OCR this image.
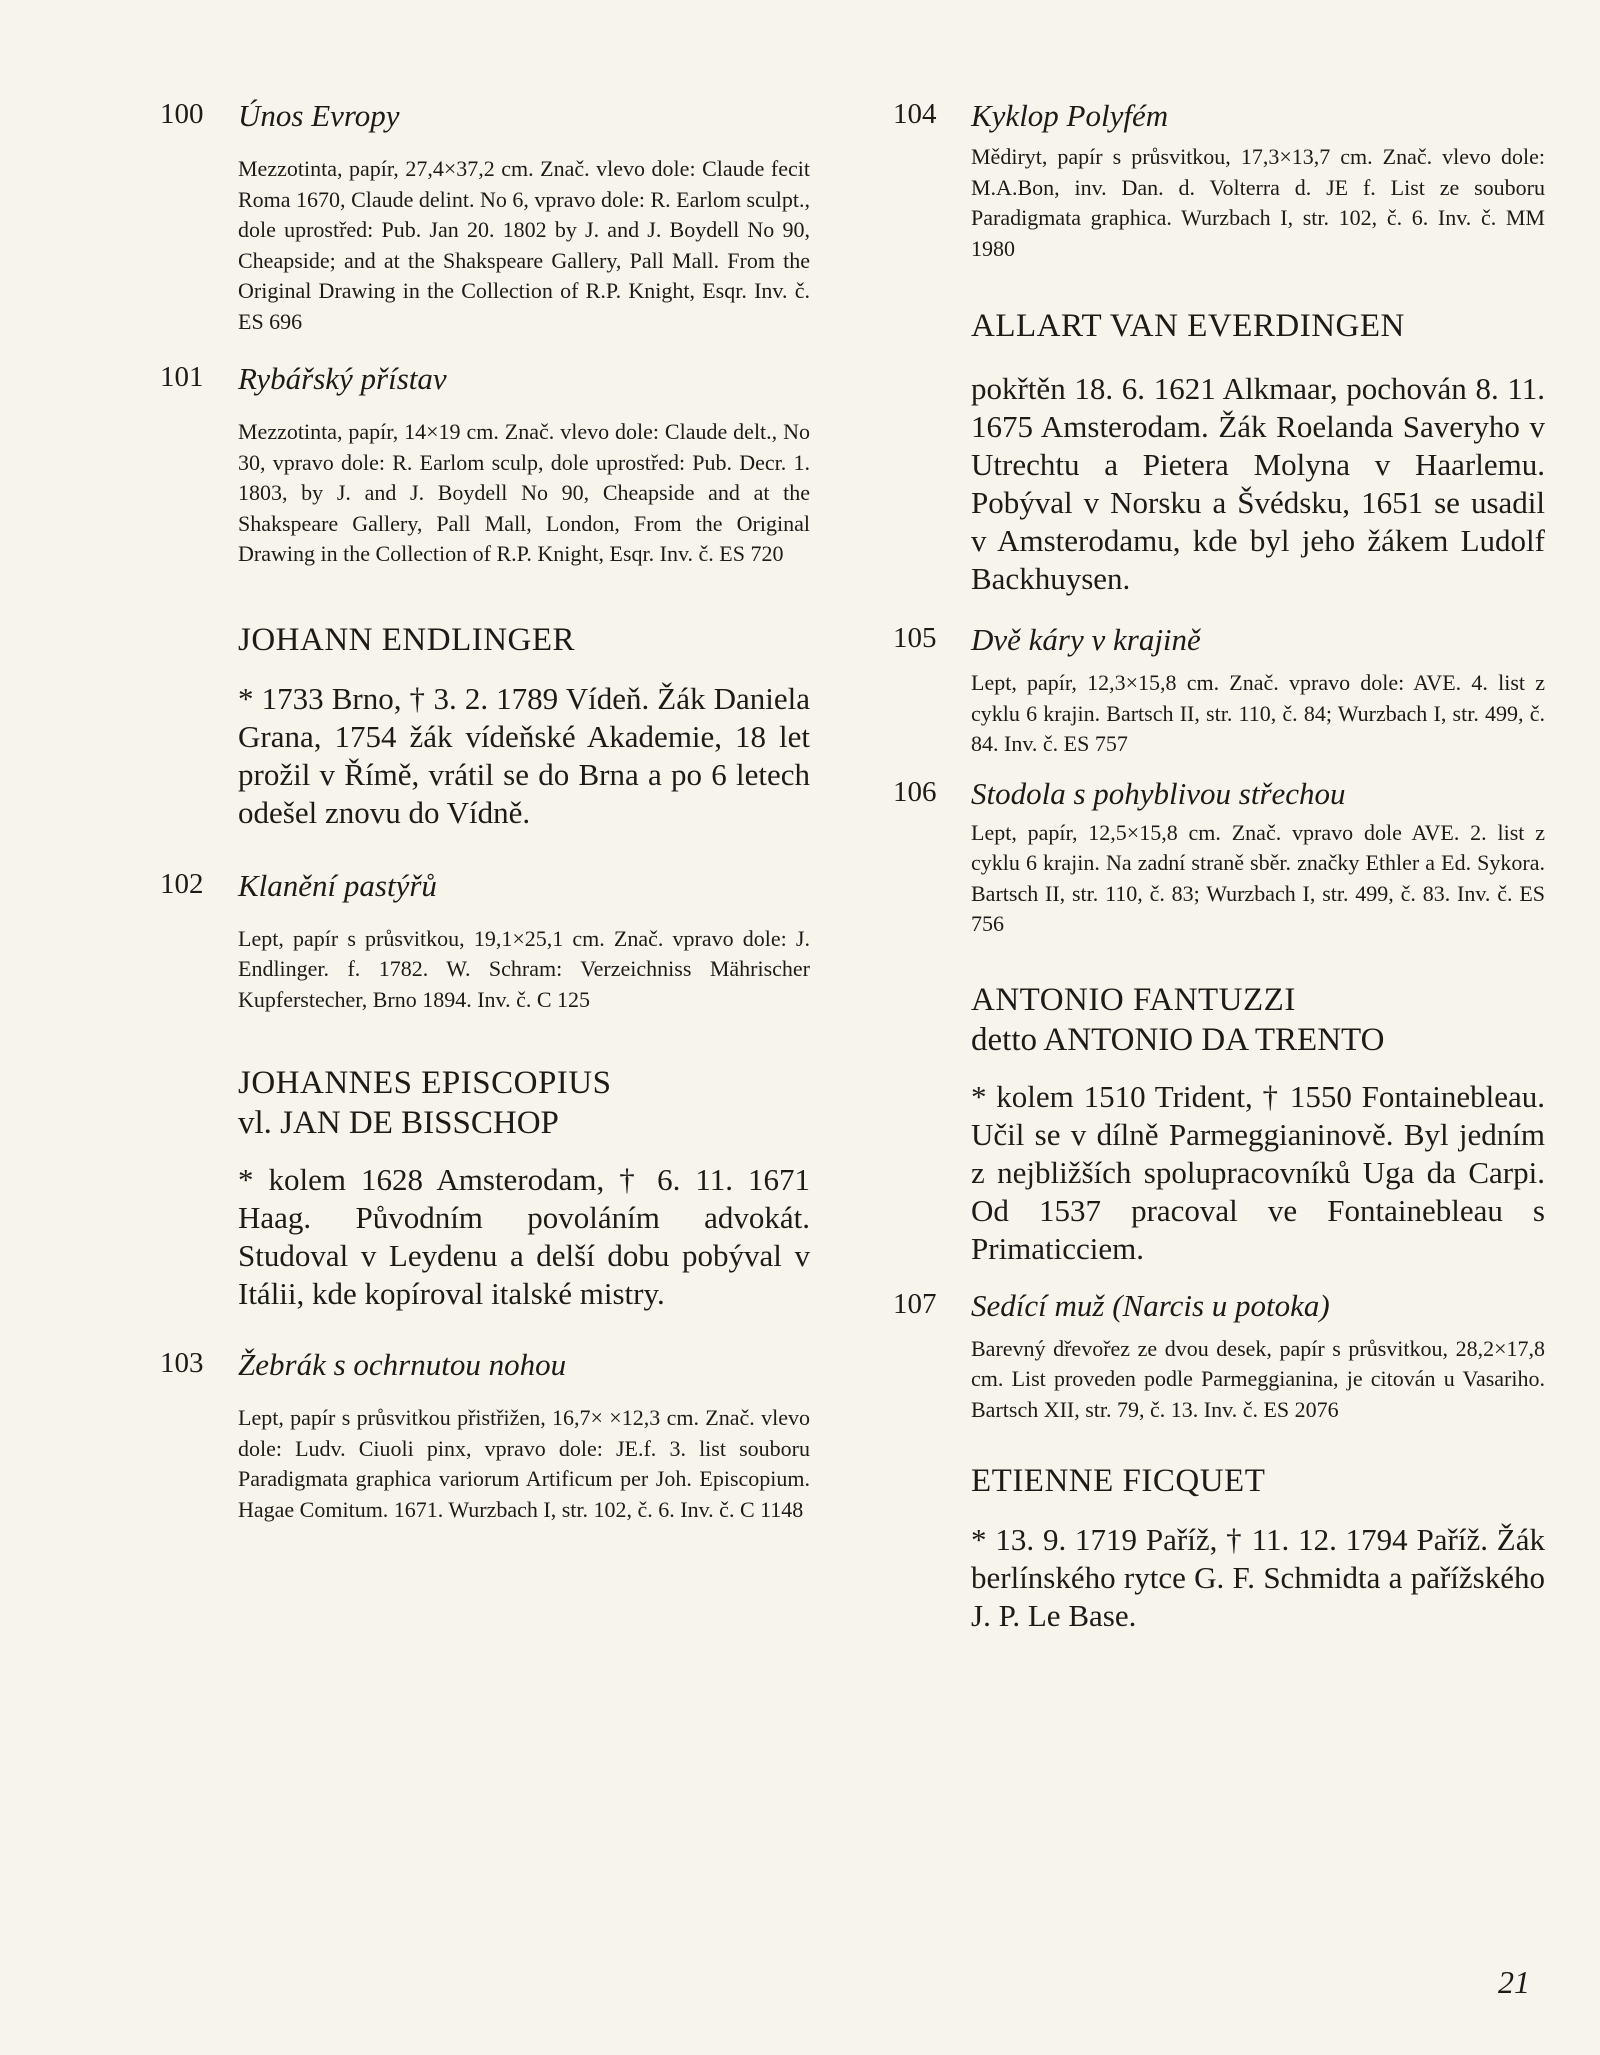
100 Únos Evropy
Mezzotinta, papír, 27,4×37,2 cm. Znač. vlevo dole: Claude fecit Roma 1670, Claude delint. No 6, vpravo dole: R. Earlom sculpt., dole uprostřed: Pub. Jan 20. 1802 by J. and J. Boydell No 90, Cheapside; and at the Shakspeare Gallery, Pall Mall. From the Original Drawing in the Collection of R.P. Knight, Esqr. Inv. č. ES 696
101 Rybářský přístav
Mezzotinta, papír, 14×19 cm. Znač. vlevo dole: Claude delt., No 30, vpravo dole: R. Earlom sculp, dole uprostřed: Pub. Decr. 1. 1803, by J. and J. Boydell No 90, Cheapside and at the Shakspeare Gallery, Pall Mall, London, From the Original Drawing in the Collection of R.P. Knight, Esqr. Inv. č. ES 720
JOHANN ENDLINGER
* 1733 Brno, † 3. 2. 1789 Vídeň. Žák Daniela Grana, 1754 žák vídeňské Akademie, 18 let prožil v Římě, vrátil se do Brna a po 6 letech odešel znovu do Vídně.
102 Klanění pastýřů
Lept, papír s průsvitkou, 19,1×25,1 cm. Znač. vpravo dole: J. Endlinger. f. 1782. W. Schram: Verzeichniss Mährischer Kupferstecher, Brno 1894. Inv. č. C 125
JOHANNES EPISCOPIUS
vl. JAN DE BISSCHOP
* kolem 1628 Amsterodam, † 6. 11. 1671 Haag. Původním povoláním advokát. Studoval v Leydenu a delší dobu pobýval v Itálii, kde kopíroval italské mistry.
103 Žebrák s ochrnutou nohou
Lept, papír s průsvitkou přistřižen, 16,7× ×12,3 cm. Znač. vlevo dole: Ludv. Ciuoli pinx, vpravo dole: JE.f. 3. list souboru Paradigmata graphica variorum Artificum per Joh. Episcopium. Hagae Comitum. 1671. Wurzbach I, str. 102, č. 6. Inv. č. C 1148
104 Kyklop Polyfém
Mědiryt, papír s průsvitkou, 17,3×13,7 cm. Znač. vlevo dole: M.A.Bon, inv. Dan. d. Volterra d. JE f. List ze souboru Paradigmata graphica. Wurzbach I, str. 102, č. 6. Inv. č. MM 1980
ALLART VAN EVERDINGEN
pokřtěn 18. 6. 1621 Alkmaar, pochován 8. 11. 1675 Amsterodam. Žák Roelanda Saveryho v Utrechtu a Pietera Molyna v Haarlemu. Pobýval v Norsku a Švédsku, 1651 se usadil v Amsterodamu, kde byl jeho žákem Ludolf Backhuysen.
105 Dvě káry v krajině
Lept, papír, 12,3×15,8 cm. Znač. vpravo dole: AVE. 4. list z cyklu 6 krajin. Bartsch II, str. 110, č. 84; Wurzbach I, str. 499, č. 84. Inv. č. ES 757
106 Stodola s pohyblivou střechou
Lept, papír, 12,5×15,8 cm. Znač. vpravo dole AVE. 2. list z cyklu 6 krajin. Na zadní straně sběr. značky Ethler a Ed. Sykora. Bartsch II, str. 110, č. 83; Wurzbach I, str. 499, č. 83. Inv. č. ES 756
ANTONIO FANTUZZI
detto ANTONIO DA TRENTO
* kolem 1510 Trident, † 1550 Fontainebleau. Učil se v dílně Parmeggianinově. Byl jedním z nejbližších spolupracovníků Uga da Carpi. Od 1537 pracoval ve Fontainebleau s Primaticciem.
107 Sedící muž (Narcis u potoka)
Barevný dřevořez ze dvou desek, papír s průsvitkou, 28,2×17,8 cm. List proveden podle Parmeggianina, je citován u Vasariho. Bartsch XII, str. 79, č. 13. Inv. č. ES 2076
ETIENNE FICQUET
* 13. 9. 1719 Paříž, † 11. 12. 1794 Paříž. Žák berlínského rytce G. F. Schmidta a pařížského J. P. Le Base.
21
